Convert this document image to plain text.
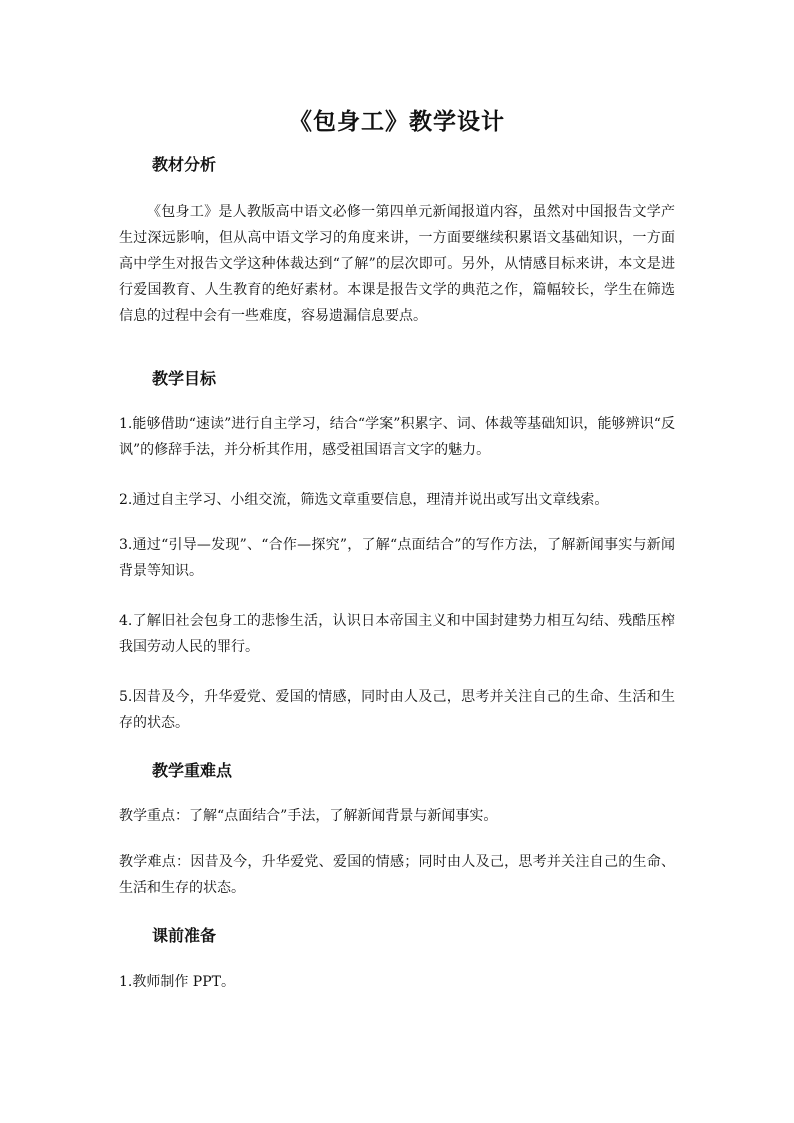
《包身工》教学设计
教材分析
《包身工》是人教版高中语文必修一第四单元新闻报道内容，虽然对中国报告文学产生过深远影响，但从高中语文学习的角度来讲，一方面要继续积累语文基础知识，一方面高中学生对报告文学这种体裁达到“了解”的层次即可。另外，从情感目标来讲，本文是进行爱国教育、人生教育的绝好素材。本课是报告文学的典范之作，篇幅较长，学生在筛选信息的过程中会有一些难度，容易遗漏信息要点。
教学目标
1.能够借助“速读”进行自主学习，结合“学案”积累字、词、体裁等基础知识，能够辨识“反讽”的修辞手法，并分析其作用，感受祖国语言文字的魅力。
2.通过自主学习、小组交流，筛选文章重要信息，理清并说出或写出文章线索。
3.通过“引导—发现”、“合作—探究”，了解“点面结合”的写作方法，了解新闻事实与新闻背景等知识。
4.了解旧社会包身工的悲惨生活，认识日本帝国主义和中国封建势力相互勾结、残酷压榨我国劳动人民的罪行。
5.因昔及今，升华爱党、爱国的情感，同时由人及己，思考并关注自己的生命、生活和生存的状态。
教学重难点
教学重点：了解“点面结合”手法，了解新闻背景与新闻事实。
教学难点：因昔及今，升华爱党、爱国的情感；同时由人及己，思考并关注自己的生命、生活和生存的状态。
课前准备
1.教师制作 PPT。
